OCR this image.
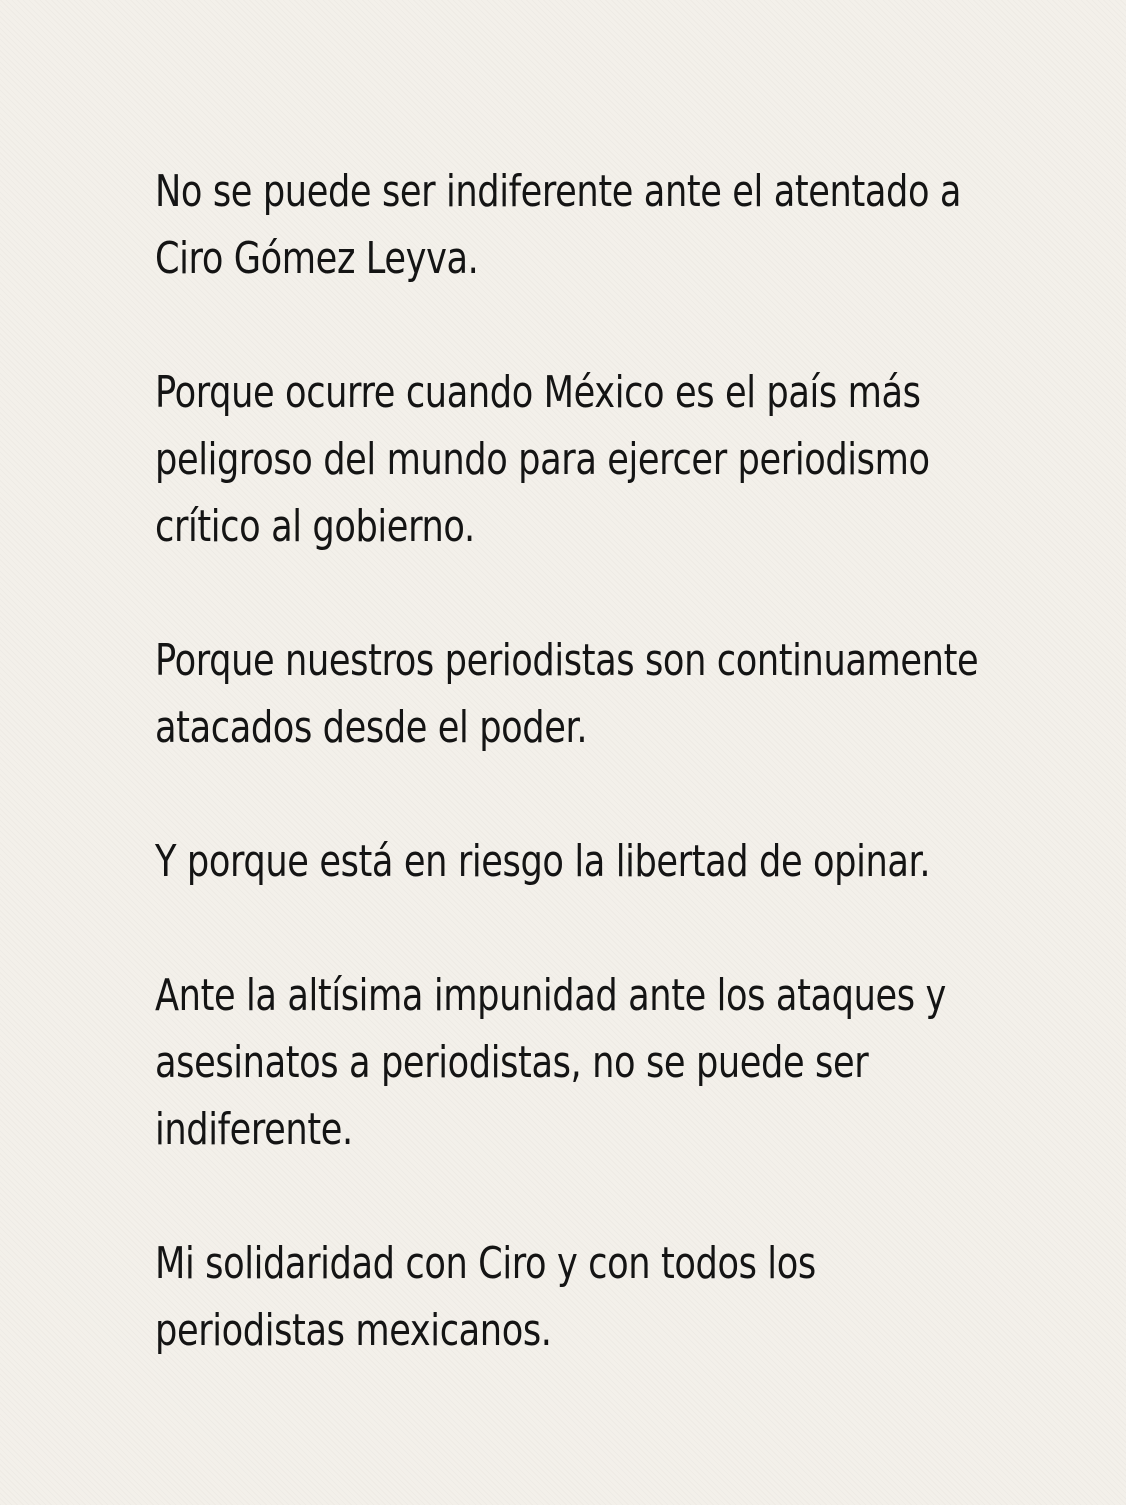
No se puede ser indiferente ante el atentado a
Ciro Gómez Leyva.
Porque ocurre cuando México es el país más
peligroso del mundo para ejercer periodismo
crítico al gobierno.
Porque nuestros periodistas son continuamente
atacados desde el poder.
Y porque está en riesgo la libertad de opinar.
Ante la altísima impunidad ante los ataques y
asesinatos a periodistas, no se puede ser
indiferente.
Mi solidaridad con Ciro y con todos los
periodistas mexicanos.
